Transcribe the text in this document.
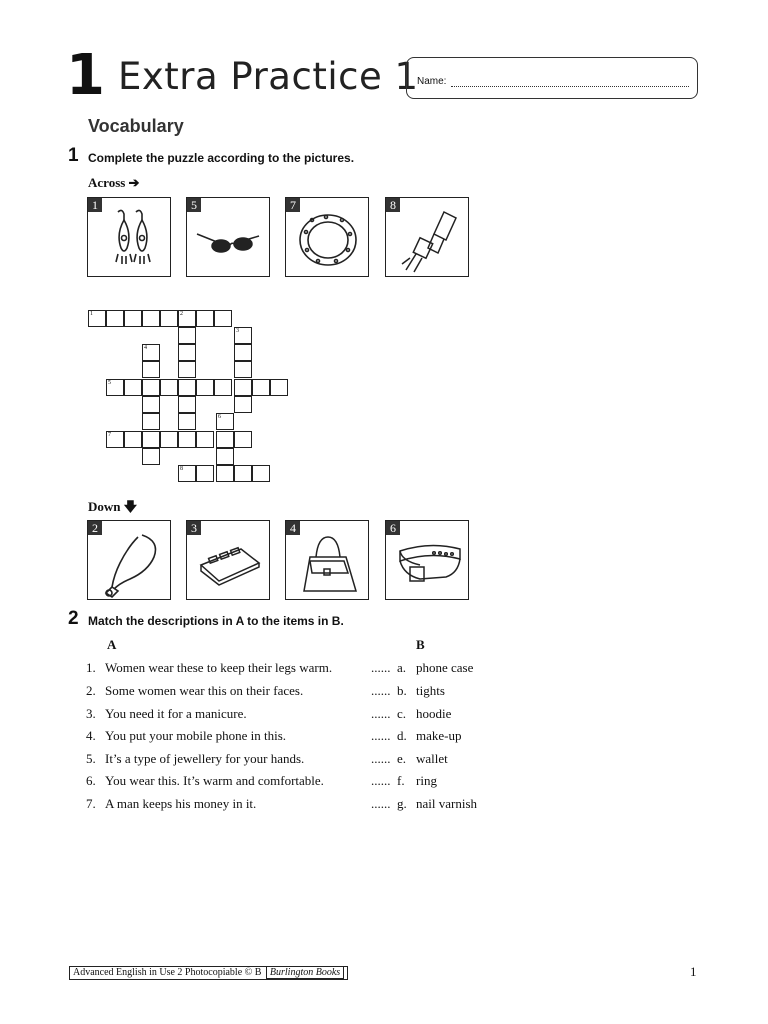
1 Extra Practice 1
Name:
Vocabulary
1 Complete the puzzle according to the pictures.
Across ➔
1	5	7	8
1	2
3
4
5
6
7
8
Down 🡇
2	3	4	6
2 Match the descriptions in A to the items in B.
A	B
1. Women wear these to keep their legs warm.	...... a. phone case
2. Some women wear this on their faces.	...... b. tights
3. You need it for a manicure.	...... c. hoodie
4. You put your mobile phone in this.	...... d. make-up
5. It’s a type of jewellery for your hands.	...... e. wallet
6. You wear this. It’s warm and comfortable.	...... f. ring
7. A man keeps his money in it.	...... g. nail varnish
Advanced English in Use 2 Photocopiable © B Burlington Books	1
